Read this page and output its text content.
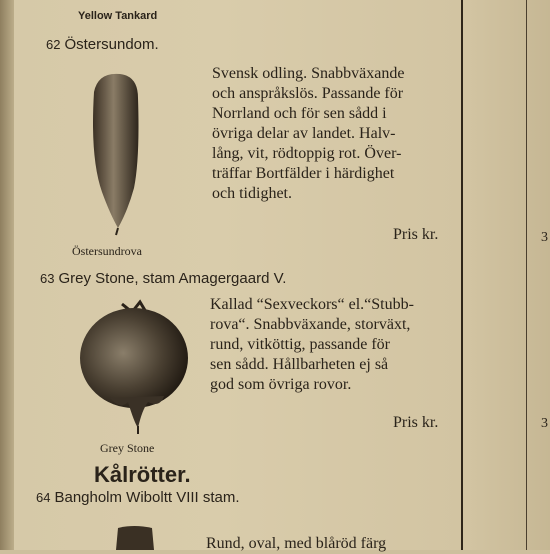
Yellow Tankard
62 Östersundom.
Östersundrova
Svensk odling. Snabbväxande
och anspråkslös. Passande för
Norrland och för sen sådd i
övriga delar av landet. Halv-
lång, vit, rödtoppig rot. Över-
träffar Bortfälder i härdighet
och tidighet.
Pris kr.
63 Grey Stone, stam Amagergaard V.
Grey Stone
Kallad “Sexveckors“ el.“Stubb-
rova“. Snabbväxande, storväxt,
rund, vitköttig, passande för
sen sådd. Hållbarheten ej så
god som övriga rovor.
Pris kr.
Kålrötter.
64 Bangholm Wiboltt VIII stam.
Rund, oval, med blåröd färg
3
3
